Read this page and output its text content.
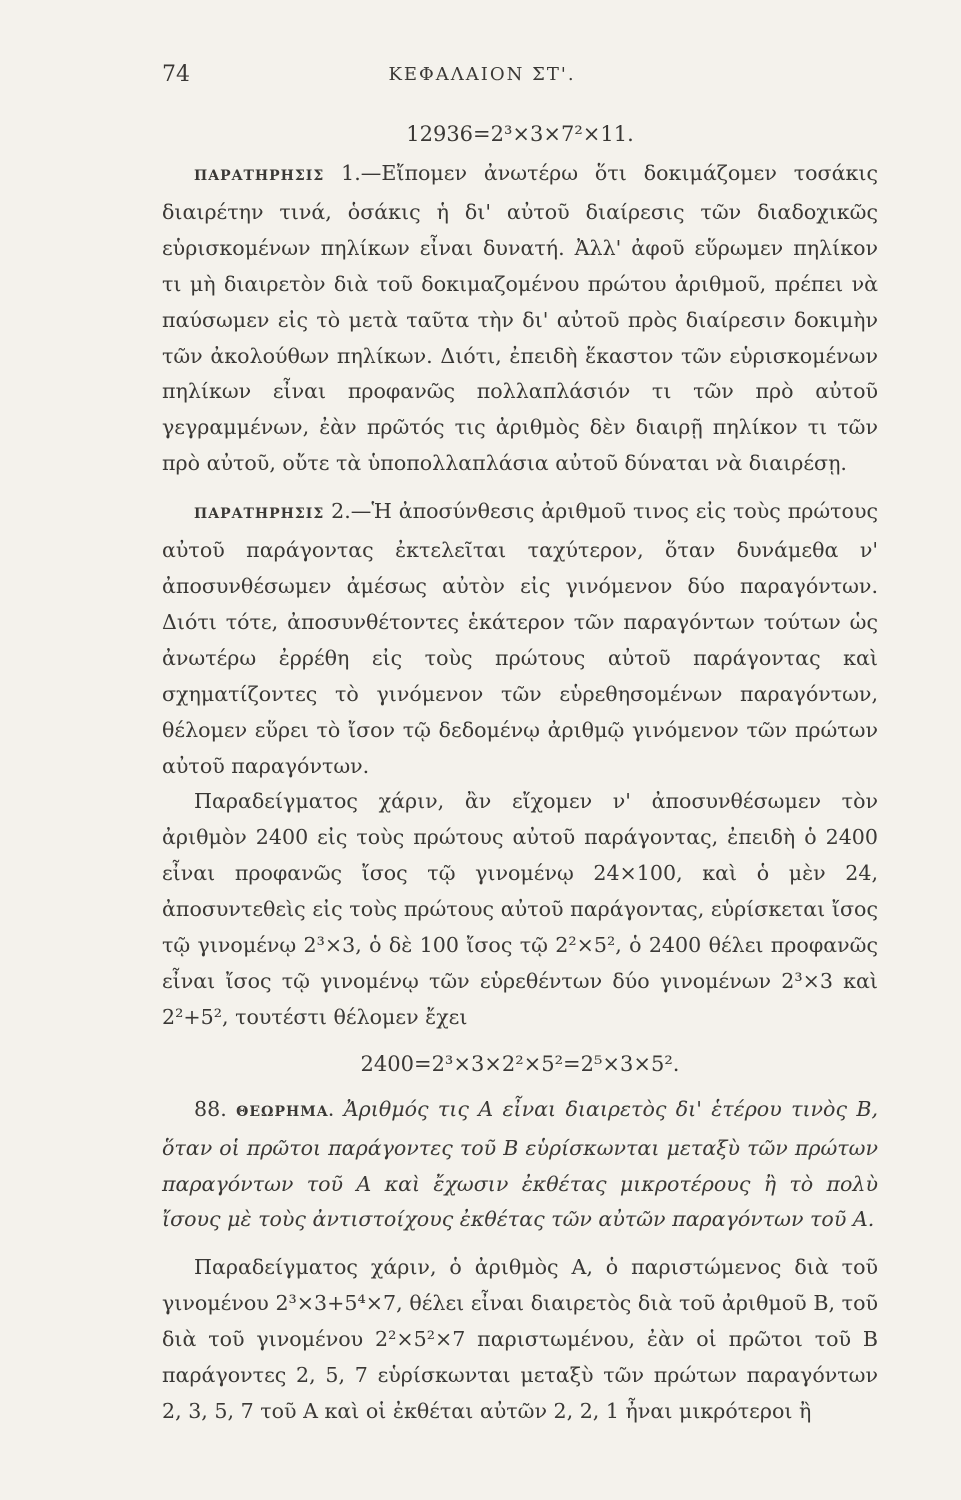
74	ΚΕΦΑΛΑΙΟΝ ΣΤ'.
12936=2³×3×7²×11.

ΠΑΡΑΤΗΡΗΣΙΣ 1.—Εἴπομεν ἀνωτέρω ὅτι δοκιμάζομεν τοσάκις διαιρέτην τινά, ὁσάκις ἡ δι' αὐτοῦ διαίρεσις τῶν διαδοχικῶς εὑρισκομένων πηλίκων εἶναι δυνατή. Ἀλλ' ἀφοῦ εὕρωμεν πηλίκον τι μὴ διαιρετὸν διὰ τοῦ δοκιμαζομένου πρώτου ἀριθμοῦ, πρέπει νὰ παύσωμεν εἰς τὸ μετὰ ταῦτα τὴν δι' αὐτοῦ πρὸς διαίρεσιν δοκιμὴν τῶν ἀκολούθων πηλίκων. Διότι, ἐπειδὴ ἕκαστον τῶν εὑρισκομένων πηλίκων εἶναι προφανῶς πολλαπλάσιόν τι τῶν πρὸ αὐτοῦ γεγραμμένων, ἐὰν πρῶτός τις ἀριθμὸς δὲν διαιρῇ πηλίκον τι τῶν πρὸ αὐτοῦ, οὔτε τὰ ὑποπολλαπλάσια αὐτοῦ δύναται νὰ διαιρέσῃ.

ΠΑΡΑΤΗΡΗΣΙΣ 2.—Ἡ ἀποσύνθεσις ἀριθμοῦ τινος εἰς τοὺς πρώτους αὐτοῦ παράγοντας ἐκτελεῖται ταχύτερον, ὅταν δυνάμεθα ν' ἀποσυνθέσωμεν ἀμέσως αὐτὸν εἰς γινόμενον δύο παραγόντων. Διότι τότε, ἀποσυνθέτοντες ἑκάτερον τῶν παραγόντων τούτων ὡς ἀνωτέρω ἐρρέθη εἰς τοὺς πρώτους αὐτοῦ παράγοντας καὶ σχηματίζοντες τὸ γινόμενον τῶν εὑρεθησομένων παραγόντων, θέλομεν εὕρει τὸ ἴσον τῷ δεδομένῳ ἀριθμῷ γινόμενον τῶν πρώτων αὐτοῦ παραγόντων.

Παραδείγματος χάριν, ἂν εἴχομεν ν' ἀποσυνθέσωμεν τὸν ἀριθμὸν 2400 εἰς τοὺς πρώτους αὐτοῦ παράγοντας, ἐπειδὴ ὁ 2400 εἶναι προφανῶς ἴσος τῷ γινομένῳ 24×100, καὶ ὁ μὲν 24, ἀποσυντεθεὶς εἰς τοὺς πρώτους αὐτοῦ παράγοντας, εὑρίσκεται ἴσος τῷ γινομένῳ 2³×3, ὁ δὲ 100 ἴσος τῷ 2²×5², ὁ 2400 θέλει προφανῶς εἶναι ἴσος τῷ γινομένῳ τῶν εὑρεθέντων δύο γινομένων 2³×3 καὶ 2²+5², τουτέστι θέλομεν ἔχει

2400=2³×3×2²×5²=2⁵×3×5².

88. ΘΕΩΡΗΜΑ. Ἀριθμός τις Α εἶναι διαιρετὸς δι' ἑτέρου τινὸς Β, ὅταν οἱ πρῶτοι παράγοντες τοῦ Β εὑρίσκωνται μεταξὺ τῶν πρώτων παραγόντων τοῦ Α καὶ ἔχωσιν ἐκθέτας μικροτέρους ἢ τὸ πολὺ ἴσους μὲ τοὺς ἀντιστοίχους ἐκθέτας τῶν αὐτῶν παραγόντων τοῦ Α.

Παραδείγματος χάριν, ὁ ἀριθμὸς Α, ὁ παριστώμενος διὰ τοῦ γινομένου 2³×3+5⁴×7, θέλει εἶναι διαιρετὸς διὰ τοῦ ἀριθμοῦ Β, τοῦ διὰ τοῦ γινομένου 2²×5²×7 παριστωμένου, ἐὰν οἱ πρῶτοι τοῦ Β παράγοντες 2, 5, 7 εὑρίσκωνται μεταξὺ τῶν πρώτων παραγόντων 2, 3, 5, 7 τοῦ Α καὶ οἱ ἐκθέται αὐτῶν 2, 2, 1 ἦναι μικρότεροι ἢ
